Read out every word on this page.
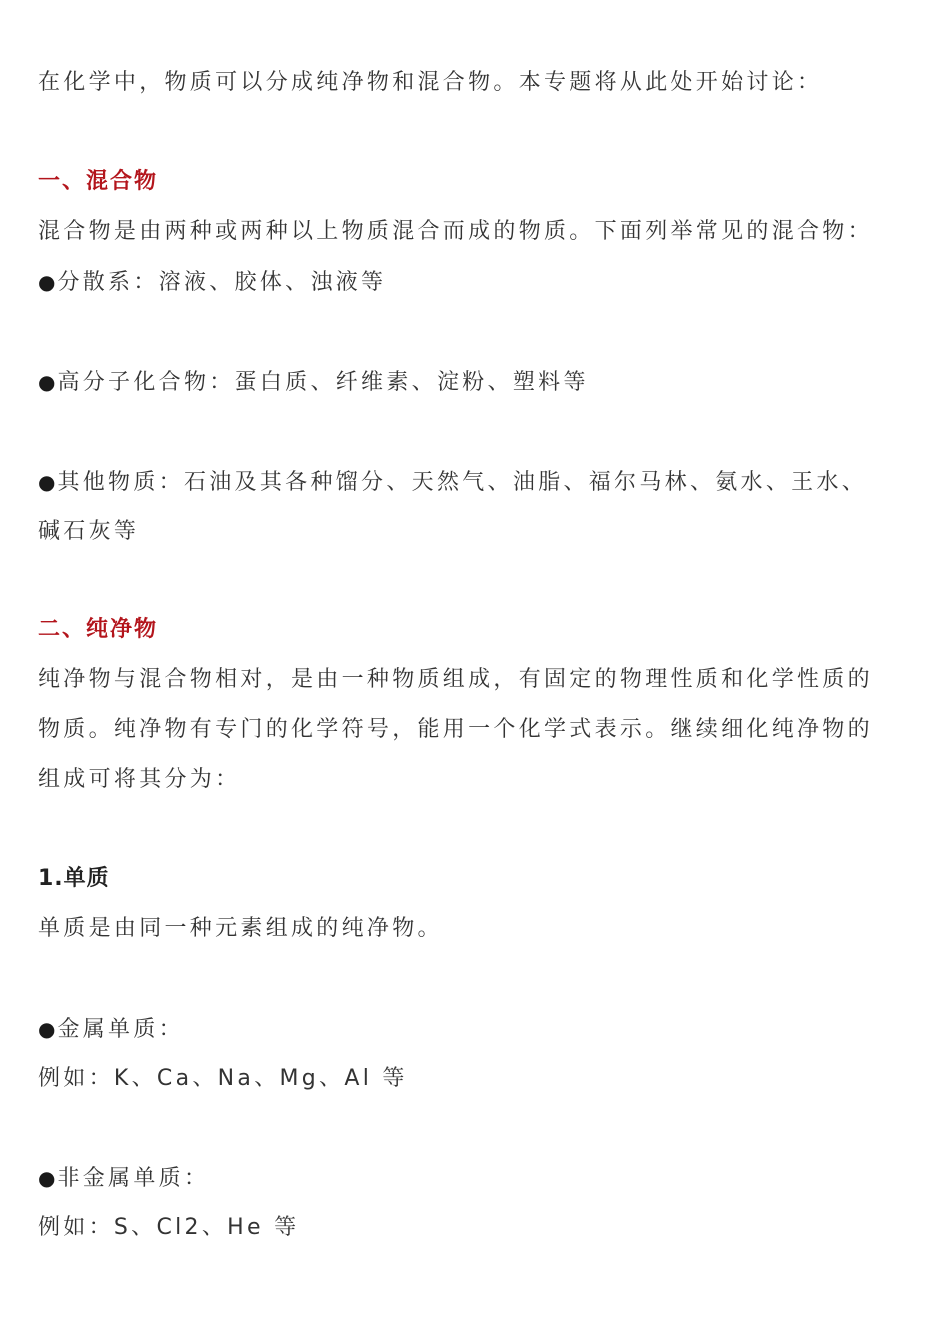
在化学中，物质可以分成纯净物和混合物。本专题将从此处开始讨论：
一、混合物
混合物是由两种或两种以上物质混合而成的物质。下面列举常见的混合物：
●分散系：溶液、胶体、浊液等
●高分子化合物：蛋白质、纤维素、淀粉、塑料等
●其他物质：石油及其各种馏分、天然气、油脂、福尔马林、氨水、王水、
碱石灰等
二、纯净物
纯净物与混合物相对，是由一种物质组成，有固定的物理性质和化学性质的
物质。纯净物有专门的化学符号，能用一个化学式表示。继续细化纯净物的
组成可将其分为：
1.单质
单质是由同一种元素组成的纯净物。
●金属单质：
例如：K、Ca、Na、Mg、Al 等
●非金属单质：
例如：S、Cl2、He 等
